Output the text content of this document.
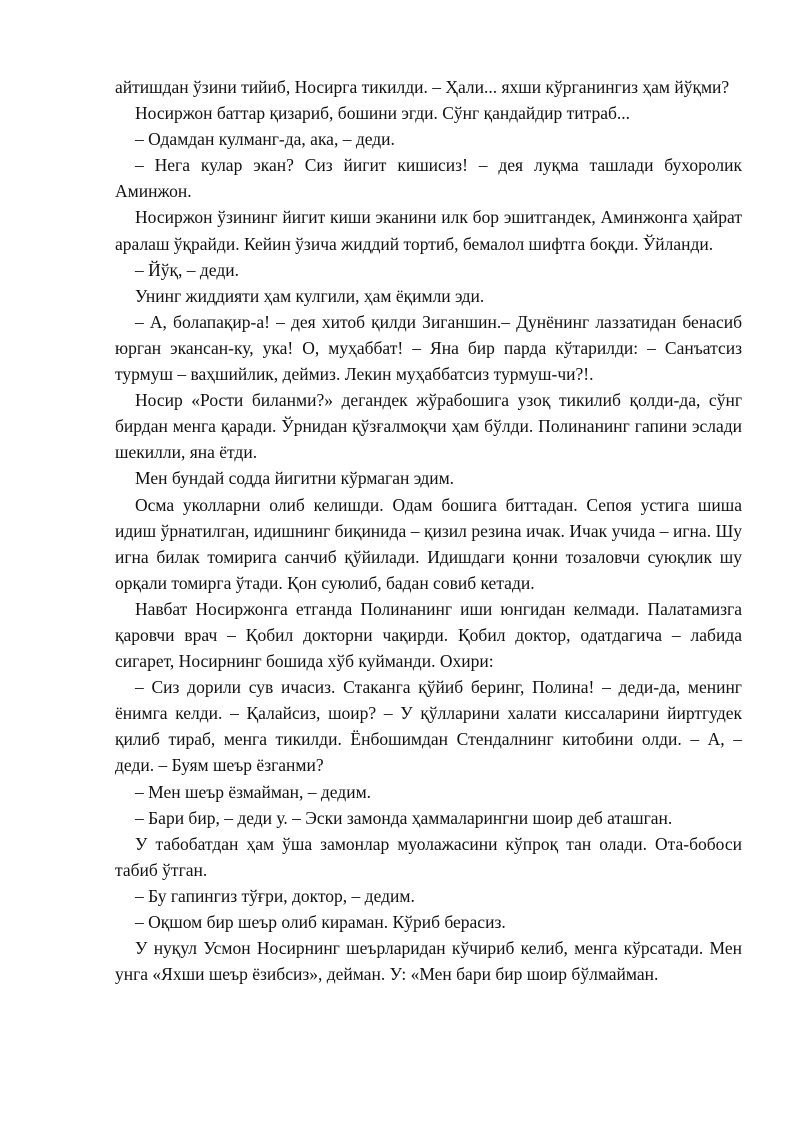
айтишдан ўзини тийиб, Носирга тикилди. – Ҳали... яхши кўрганингиз ҳам йўқми?

Носиржон баттар қизариб, бошини эгди. Сўнг қандайдир титраб...

– Одамдан кулманг-да, ака, – деди.

– Нега кулар экан? Сиз йигит кишисиз! – дея луқма ташлади бухоролик Аминжон.

Носиржон ўзининг йигит киши эканини илк бор эшитгандек, Аминжонга ҳайрат аралаш ўқрайди. Кейин ўзича жиддий тортиб, бемалол шифтга боқди. Ўйланди.

– Йўқ, – деди.

Унинг жиддияти ҳам кулгили, ҳам ёқимли эди.

– А, болапақир-а! – дея хитоб қилди Зиганшин.– Дунёнинг лаззатидан бенасиб юрган экансан-ку, ука! О, муҳаббат! – Яна бир парда кўтарилди: – Санъатсиз турмуш – ваҳшийлик, деймиз. Лекин муҳаббатсиз турмуш-чи?!.

Носир «Рости биланми?» дегандек жўрабошига узоқ тикилиб қолди-да, сўнг бирдан менга қаради. Ўрнидан қўзғалмоқчи ҳам бўлди. Полинанинг гапини эслади шекилли, яна ётди.

Мен бундай содда йигитни кўрмаган эдим.

Осма уколларни олиб келишди. Одам бошига биттадан. Сепоя устига шиша идиш ўрнатилган, идишнинг биқинида – қизил резина ичак. Ичак учида – игна. Шу игна билак томирига санчиб қўйилади. Идишдаги қонни тозаловчи суюқлик шу орқали томирга ўтади. Қон суюлиб, бадан совиб кетади.

Навбат Носиржонга етганда Полинанинг иши юнгидан келмади. Палатамизга қаровчи врач – Қобил докторни чақирди. Қобил доктор, одатдагича – лабида сигарет, Носирнинг бошида хўб куйманди. Охири:

– Сиз дорили сув ичасиз. Стаканга қўйиб беринг, Полина! – деди-да, менинг ёнимга келди. – Қалайсиз, шоир? – У қўлларини халати киссаларини йиртгудек қилиб тираб, менга тикилди. Ёнбошимдан Стендалнинг китобини олди. – А, – деди. – Буям шеър ёзганми?

– Мен шеър ёзмайман, – дедим.

– Бари бир, – деди у. – Эски замонда ҳаммаларингни шоир деб аташган.

У табобатдан ҳам ўша замонлар муолажасини кўпроқ тан олади. Ота-бобоси табиб ўтган.

– Бу гапингиз тўғри, доктор, – дедим.

– Оқшом бир шеър олиб кираман. Кўриб берасиз.

У нуқул Усмон Носирнинг шеърларидан кўчириб келиб, менга кўрсатади. Мен унга «Яхши шеър ёзибсиз», дейман. У: «Мен бари бир шоир бўлмайман.
